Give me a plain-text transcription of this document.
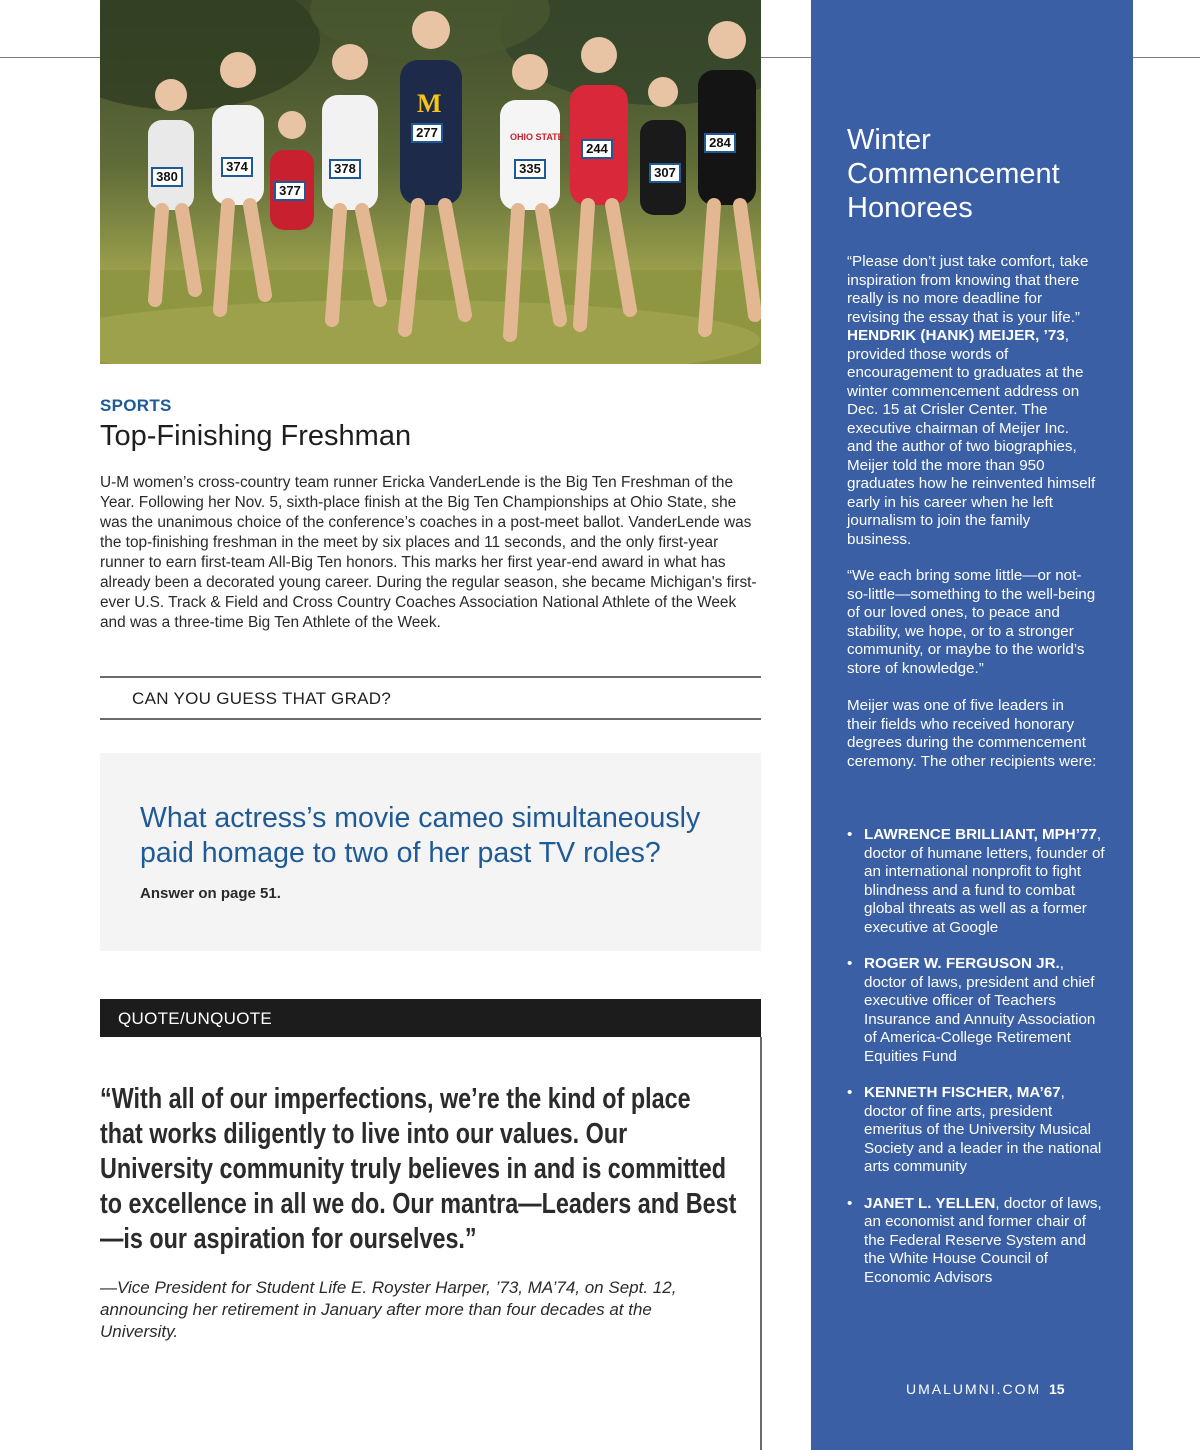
380
374
377
378
277
335
244
307
284
OHIO STATE
M

SPORTS

Top-Finishing Freshman

U-M women’s cross-country team runner Ericka VanderLende is the Big Ten Freshman of the Year. Following her Nov. 5, sixth-place finish at the Big Ten Championships at Ohio State, she was the unanimous choice of the conference’s coaches in a post-meet ballot. VanderLende was the top-finishing freshman in the meet by six places and 11 seconds, and the only first-year runner to earn first-team All-Big Ten honors. This marks her first year-end award in what has already been a decorated young career. During the regular season, she became Michigan's first-ever U.S. Track & Field and Cross Country Coaches Association National Athlete of the Week and was a three-time Big Ten Athlete of the Week.

CAN YOU GUESS THAT GRAD?

What actress’s movie cameo simultaneously paid homage to two of her past TV roles?

Answer on page 51.

QUOTE/UNQUOTE

“With all of our imperfections, we’re the kind of place that works diligently to live into our values. Our University community truly believes in and is committed to excellence in all we do. Our mantra—Leaders and Best—is our aspiration for ourselves.”

—Vice President for Student Life E. Royster Harper, ’73, MA’74, on Sept. 12, announcing her retirement in January after more than four decades at the University.

Winter Commencement Honorees

“Please don’t just take comfort, take inspiration from knowing that there really is no more deadline for revising the essay that is your life.” HENDRIK (HANK) MEIJER, ’73, provided those words of encouragement to graduates at the winter commencement address on Dec. 15 at Crisler Center. The executive chairman of Meijer Inc. and the author of two biographies, Meijer told the more than 950 graduates how he reinvented himself early in his career when he left journalism to join the family business.

“We each bring some little—or not-so-little—something to the well-being of our loved ones, to peace and stability, we hope, or to a stronger community, or maybe to the world’s store of knowledge.”

Meijer was one of five leaders in their fields who received honorary degrees during the commencement ceremony. The other recipients were:

• LAWRENCE BRILLIANT, MPH’77, doctor of humane letters, founder of an international nonprofit to fight blindness and a fund to combat global threats as well as a former executive at Google
• ROGER W. FERGUSON JR., doctor of laws, president and chief executive officer of Teachers Insurance and Annuity Association of America-College Retirement Equities Fund
• KENNETH FISCHER, MA’67, doctor of fine arts, president emeritus of the University Musical Society and a leader in the national arts community
• JANET L. YELLEN, doctor of laws, an economist and former chair of the Federal Reserve System and the White House Council of Economic Advisors

UMALUMNI.COM 15
